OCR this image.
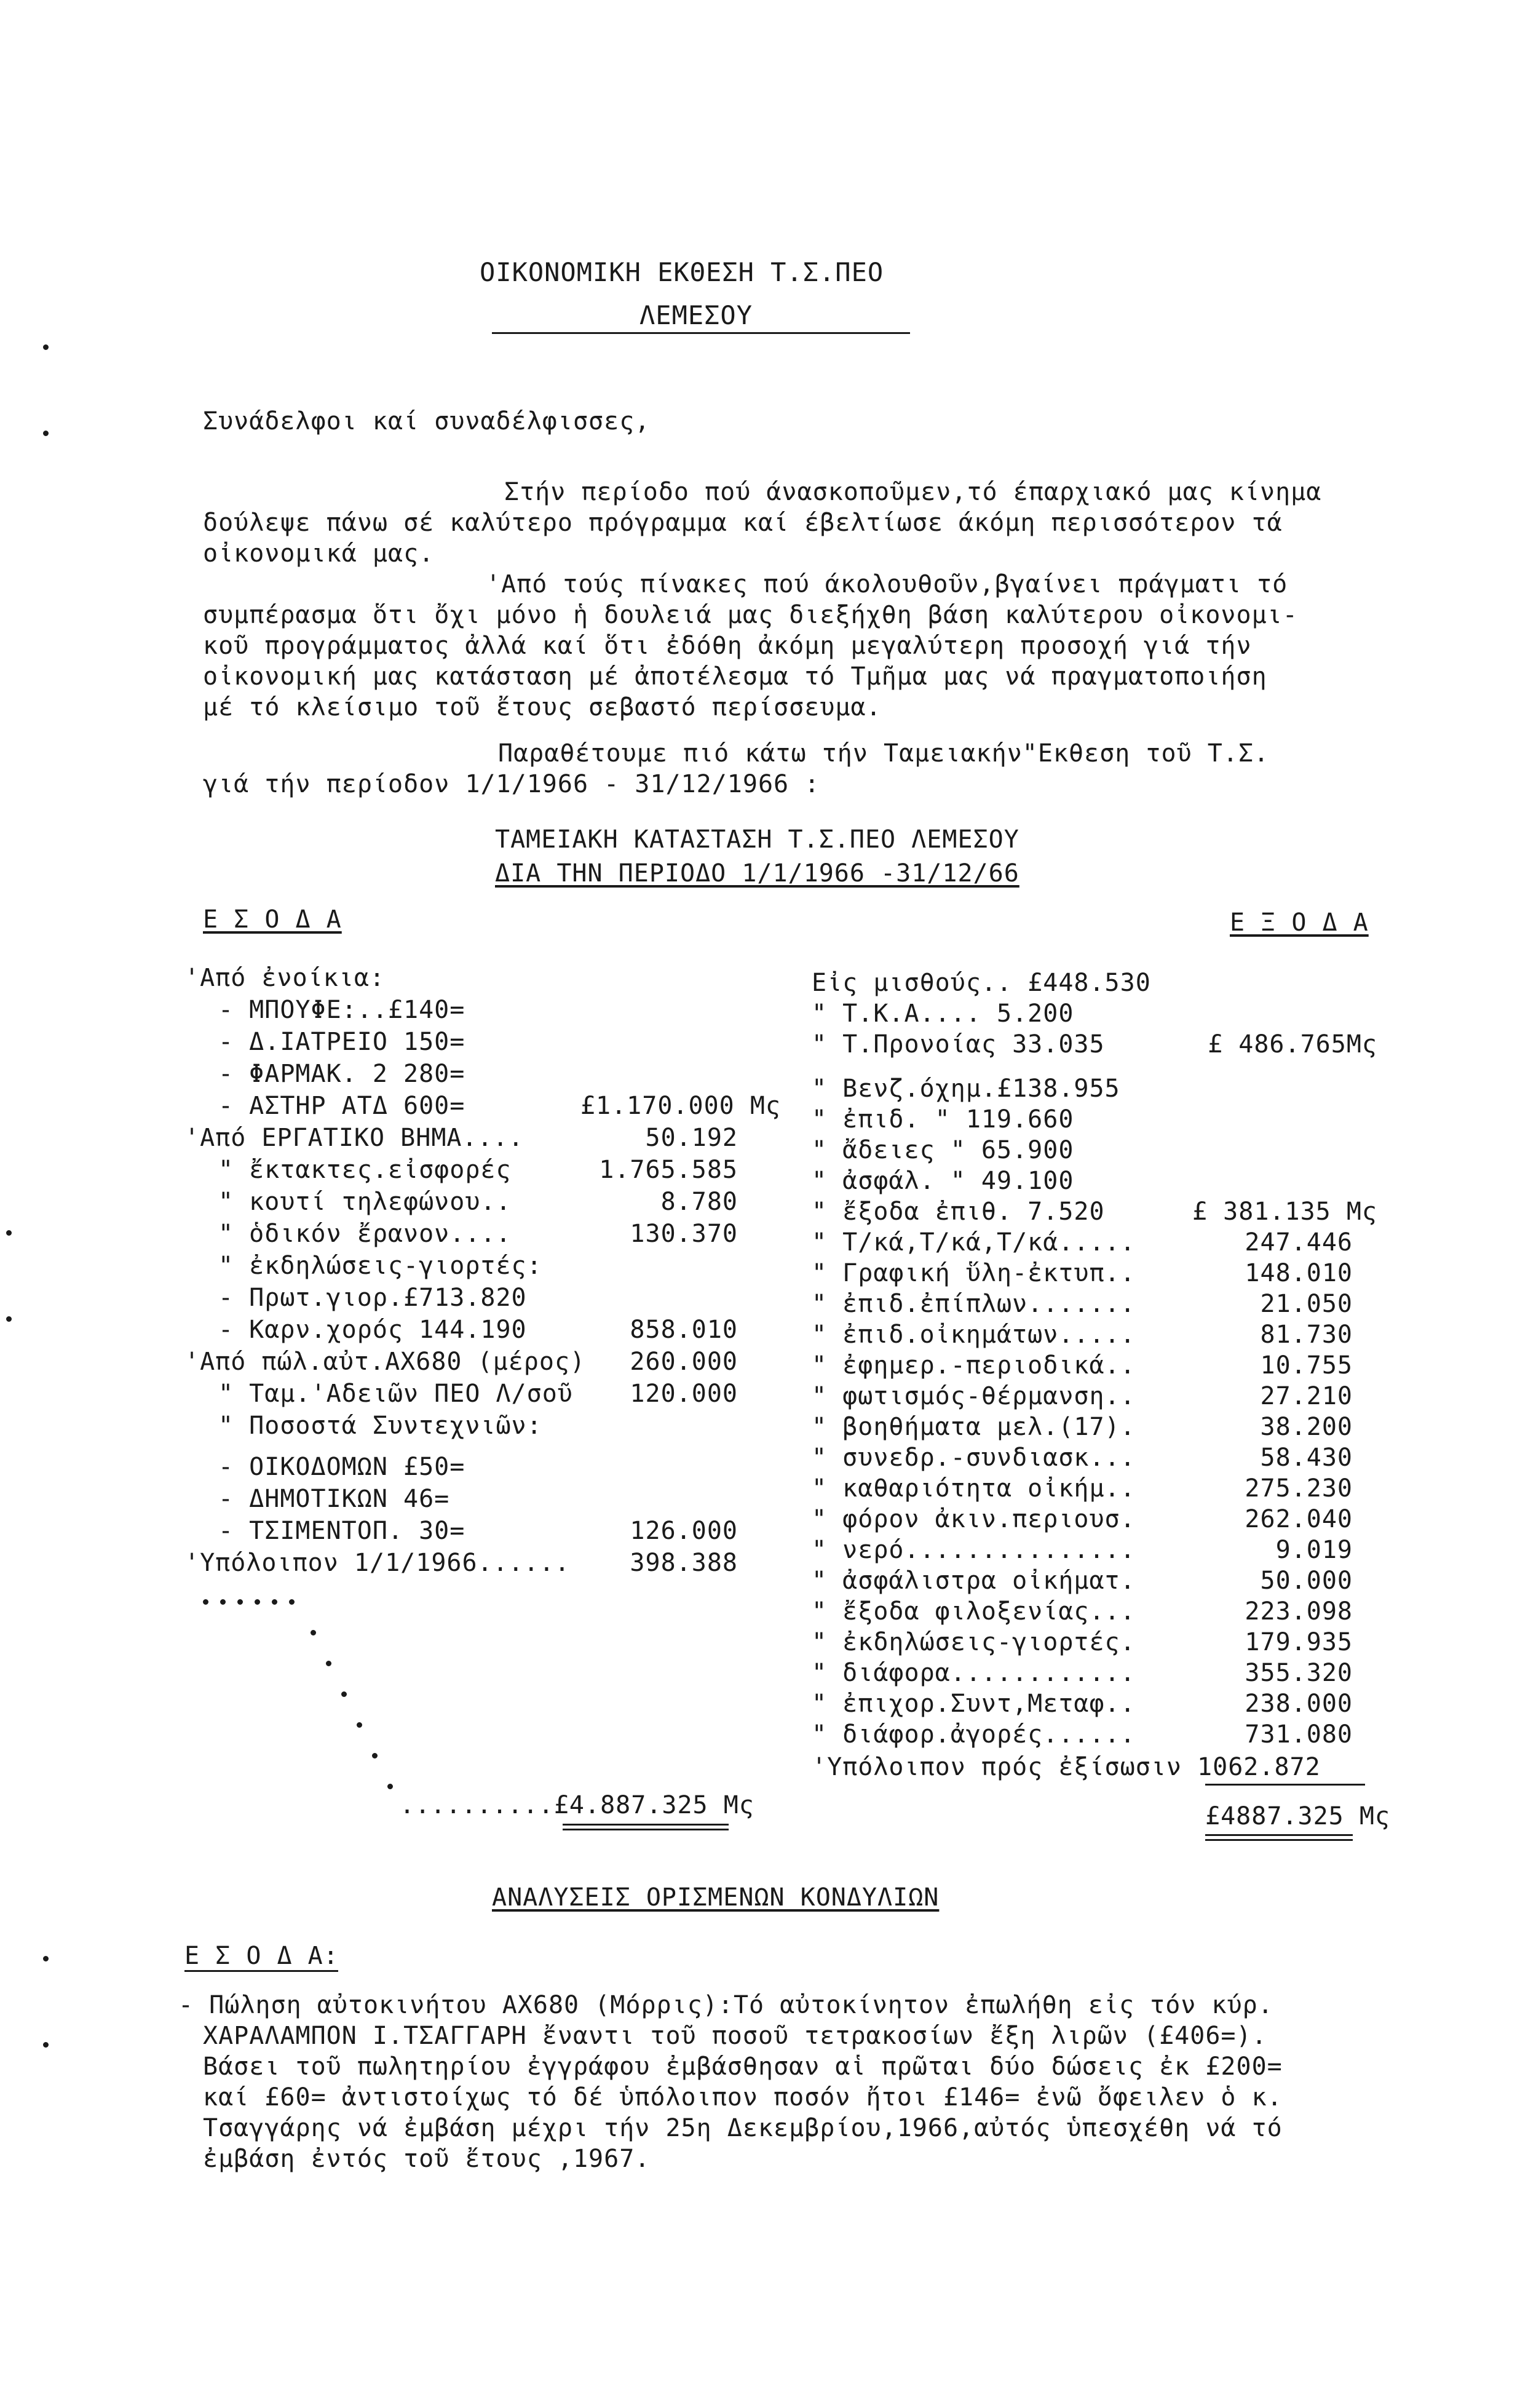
ΟΙΚΟΝΟΜΙΚΗ ΕΚΘΕΣΗ Τ.Σ.ΠΕΟ
ΛΕΜΕΣΟΥ
Συνάδελφοι καί συναδέλφισσες,
Στήν περίοδο πού άνασκοποῦμεν,τό έπαρχιακό μας κίνημα
δούλεψε πάνω σέ καλύτερο πρόγραμμα καί έβελτίωσε άκόμη περισσότερον τά
οἰκονομικά μας.
'Από τούς πίνακες πού άκολουθοῦν,βγαίνει πράγματι τό
συμπέρασμα ὅτι ὄχι μόνο ἡ δουλειά μας διεξήχθη βάση καλύτερου οἰκονομι-
κοῦ προγράμματος ἀλλά καί ὅτι ἐδόθη ἀκόμη μεγαλύτερη προσοχή γιά τήν
οἰκονομική μας κατάσταση μέ ἀποτέλεσμα τό Τμῆμα μας νά πραγματοποιήση
μέ τό κλείσιμο τοῦ ἔτους σεβαστό περίσσευμα.
Παραθέτουμε πιό κάτω τήν Ταμειακήν"Εκθεση τοῦ Τ.Σ.
γιά τήν περίοδον 1/1/1966 - 31/12/1966 :
ΤΑΜΕΙΑΚΗ ΚΑΤΑΣΤΑΣΗ Τ.Σ.ΠΕΟ ΛΕΜΕΣΟΥ
ΔΙΑ ΤΗΝ ΠΕΡΙΟΔΟ 1/1/1966 -31/12/66
Ε Σ Ο Δ Α	Ε Ξ Ο Δ Α
'Από ἐνοίκια:
- ΜΠΟΥΦΕ:..£140=
- Δ.ΙΑΤΡΕΙΟ 150=
- ΦΑΡΜΑΚ. 2 280=
- ΑΣΤΗΡ ΑΤΔ 600=	£1.170.000 Μς
'Από ΕΡΓΑΤΙΚΟ ΒΗΜΑ....	50.192
" ἔκτακτες.εἰσφορές	1.765.585
" κουτί τηλεφώνου..	8.780
" ὁδικόν ἔρανον....	130.370
" ἐκδηλώσεις-γιορτές:
- Πρωτ.γιορ.£713.820
- Καρν.χορός 144.190	858.010
'Από πώλ.αὐτ.ΑΧ680 (μέρος)	260.000
" Ταμ.'Αδειῶν ΠΕΟ Λ/σοῦ	120.000
" Ποσοστά Συντεχνιῶν:
- ΟΙΚΟΔΟΜΩΝ £50=
- ΔΗΜΟΤΙΚΩΝ 46=
- ΤΣΙΜΕΝΤΟΠ. 30=	126.000
'Υπόλοιπον 1/1/1966......	398.388
..........£4.887.325 Μς
Εἰς μισθούς.. £448.530
" Τ.Κ.Α.... 5.200
" Τ.Προνοίας 33.035	£ 486.765Μς
" Βενζ.όχημ.£138.955
" ἐπιδ. " 119.660
" ἄδειες " 65.900
" ἀσφάλ. " 49.100
" ἔξοδα ἐπιθ. 7.520	£ 381.135 Μς
" Τ/κά,Τ/κά,Τ/κά.....	247.446
" Γραφική ὕλη-ἐκτυπ..	148.010
" ἐπιδ.ἐπίπλων.......	21.050
" ἐπιδ.οἰκημάτων.....	81.730
" ἐφημερ.-περιοδικά..	10.755
" φωτισμός-θέρμανση..	27.210
" βοηθήματα μελ.(17).	38.200
" συνεδρ.-συνδιασκ...	58.430
" καθαριότητα οἰκήμ..	275.230
" φόρον ἀκιν.περιουσ.	262.040
" νερό...............	9.019
" ἀσφάλιστρα οἰκήματ.	50.000
" ἔξοδα φιλοξενίας...	223.098
" ἐκδηλώσεις-γιορτές.	179.935
" διάφορα............	355.320
" ἐπιχορ.Συντ,Μεταφ..	238.000
" διάφορ.ἀγορές......	731.080
'Υπόλοιπον πρός ἐξίσωσιν 1062.872
£4887.325 Μς
ΑΝΑΛΥΣΕΙΣ ΟΡΙΣΜΕΝΩΝ ΚΟΝΔΥΛΙΩΝ
Ε Σ Ο Δ Α:
- Πώληση αὐτοκινήτου ΑΧ680 (Μόρρις):Τό αὐτοκίνητον ἐπωλήθη εἰς τόν κύρ.
ΧΑΡΑΛΑΜΠΟΝ Ι.ΤΣΑΓΓΑΡΗ ἔναντι τοῦ ποσοῦ τετρακοσίων ἔξη λιρῶν (£406=).
Βάσει τοῦ πωλητηρίου ἐγγράφου ἐμβάσθησαν αἱ πρῶται δύο δώσεις ἐκ £200=
καί £60= ἀντιστοίχως τό δέ ὑπόλοιπον ποσόν ἤτοι £146= ἐνῶ ὄφειλεν ὁ κ.
Τσαγγάρης νά ἐμβάση μέχρι τήν 25η Δεκεμβρίου,1966,αὐτός ὑπεσχέθη νά τό
ἐμβάση ἐντός τοῦ ἔτους ,1967.
